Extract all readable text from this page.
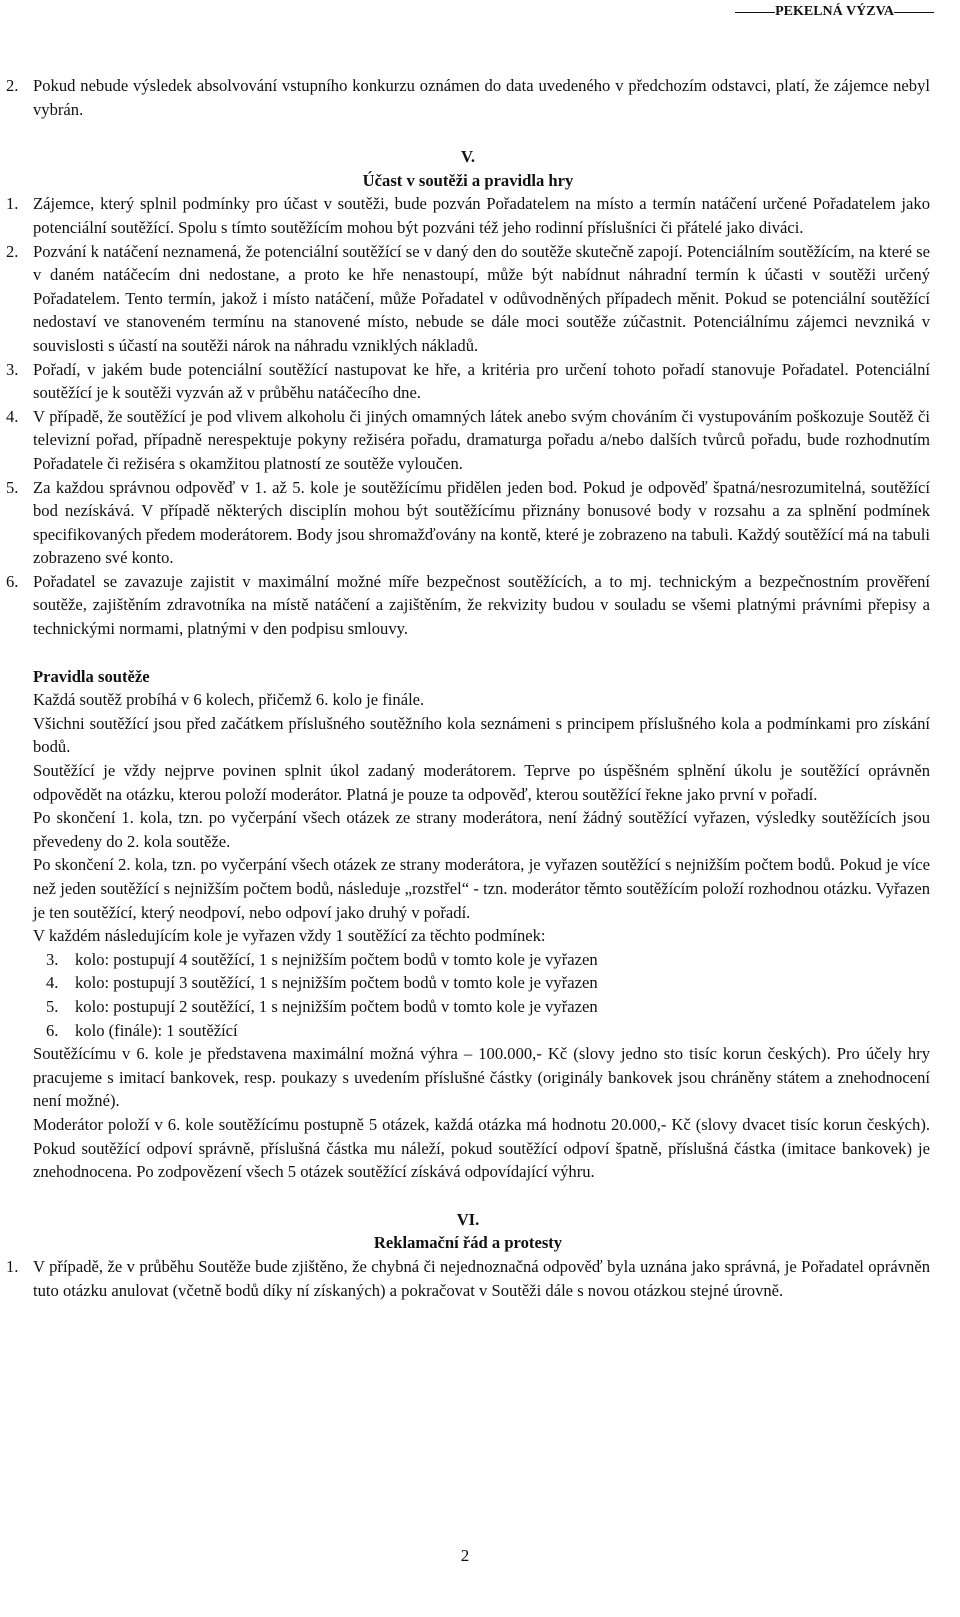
PEKELNÁ VÝZVA
2. Pokud nebude výsledek absolvování vstupního konkurzu oznámen do data uvedeného v předchozím odstavci, platí, že zájemce nebyl vybrán.
V.
Účast v soutěži a pravidla hry
1. Zájemce, který splnil podmínky pro účast v soutěži, bude pozván Pořadatelem na místo a termín natáčení určené Pořadatelem jako potenciální soutěžící. Spolu s tímto soutěžícím mohou být pozváni též jeho rodinní příslušníci či přátelé jako diváci.
2. Pozvání k natáčení neznamená, že potenciální soutěžící se v daný den do soutěže skutečně zapojí. Potenciálním soutěžícím, na které se v daném natáčecím dni nedostane, a proto ke hře nenastoupí, může být nabídnut náhradní termín k účasti v soutěži určený Pořadatelem. Tento termín, jakož i místo natáčení, může Pořadatel v odůvodněných případech měnit. Pokud se potenciální soutěžící nedostaví ve stanoveném termínu na stanovené místo, nebude se dále moci soutěže zúčastnit. Potenciálnímu zájemci nevzniká v souvislosti s účastí na soutěži nárok na náhradu vzniklých nákladů.
3. Pořadí, v jakém bude potenciální soutěžící nastupovat ke hře, a kritéria pro určení tohoto pořadí stanovuje Pořadatel. Potenciální soutěžící je k soutěži vyzván až v průběhu natáčecího dne.
4. V případě, že soutěžící je pod vlivem alkoholu či jiných omamných látek anebo svým chováním či vystupováním poškozuje Soutěž či televizní pořad, případně nerespektuje pokyny režiséra pořadu, dramaturga pořadu a/nebo dalších tvůrců pořadu, bude rozhodnutím Pořadatele či režiséra s okamžitou platností ze soutěže vyloučen.
5. Za každou správnou odpověď v 1. až 5. kole je soutěžícímu přidělen jeden bod. Pokud je odpověď špatná/nesrozumitelná, soutěžící bod nezískává. V případě některých disciplín mohou být soutěžícímu přiznány bonusové body v rozsahu a za splnění podmínek specifikovaných předem moderátorem. Body jsou shromažďovány na kontě, které je zobrazeno na tabuli. Každý soutěžící má na tabuli zobrazeno své konto.
6. Pořadatel se zavazuje zajistit v maximální možné míře bezpečnost soutěžících, a to mj. technickým a bezpečnostním prověření soutěže, zajištěním zdravotníka na místě natáčení a zajištěním, že rekvizity budou v souladu se všemi platnými právními přepisy a technickými normami, platnými v den podpisu smlouvy.

Pravidla soutěže

Každá soutěž probíhá v 6 kolech, přičemž 6. kolo je finále.

Všichni soutěžící jsou před začátkem příslušného soutěžního kola seznámeni s principem příslušného kola a podmínkami pro získání bodů.

Soutěžící je vždy nejprve povinen splnit úkol zadaný moderátorem. Teprve po úspěšném splnění úkolu je soutěžící oprávněn odpovědět na otázku, kterou položí moderátor. Platná je pouze ta odpověď, kterou soutěžící řekne jako první v pořadí.

Po skončení 1. kola, tzn. po vyčerpání všech otázek ze strany moderátora, není žádný soutěžící vyřazen, výsledky soutěžících jsou převedeny do 2. kola soutěže.

Po skončení 2. kola, tzn. po vyčerpání všech otázek ze strany moderátora, je vyřazen soutěžící s nejnižším počtem bodů. Pokud je více než jeden soutěžící s nejnižším počtem bodů, následuje „rozstřel“ - tzn. moderátor těmto soutěžícím položí rozhodnou otázku. Vyřazen je ten soutěžící, který neodpoví, nebo odpoví jako druhý v pořadí.

V každém následujícím kole je vyřazen vždy 1 soutěžící za těchto podmínek:

3. kolo: postupují 4 soutěžící, 1 s nejnižším počtem bodů v tomto kole je vyřazen
4. kolo: postupují 3 soutěžící, 1 s nejnižším počtem bodů v tomto kole je vyřazen
5. kolo: postupují 2 soutěžící, 1 s nejnižším počtem bodů v tomto kole je vyřazen
6. kolo (finále): 1 soutěžící

Soutěžícímu v 6. kole je představena maximální možná výhra – 100.000,- Kč (slovy jedno sto tisíc korun českých). Pro účely hry pracujeme s imitací bankovek, resp. poukazy s uvedením příslušné částky (originály bankovek jsou chráněny státem a znehodnocení není možné).

Moderátor položí v 6. kole soutěžícímu postupně 5 otázek, každá otázka má hodnotu 20.000,- Kč (slovy dvacet tisíc korun českých). Pokud soutěžící odpoví správně, příslušná částka mu náleží, pokud soutěžící odpoví špatně, příslušná částka (imitace bankovek) je znehodnocena. Po zodpovězení všech 5 otázek soutěžící získává odpovídající výhru.

VI.
Reklamační řád a protesty
1. V případě, že v průběhu Soutěže bude zjištěno, že chybná či nejednoznačná odpověď byla uznána jako správná, je Pořadatel oprávněn tuto otázku anulovat (včetně bodů díky ní získaných) a pokračovat v Soutěži dále s novou otázkou stejné úrovně.
2
